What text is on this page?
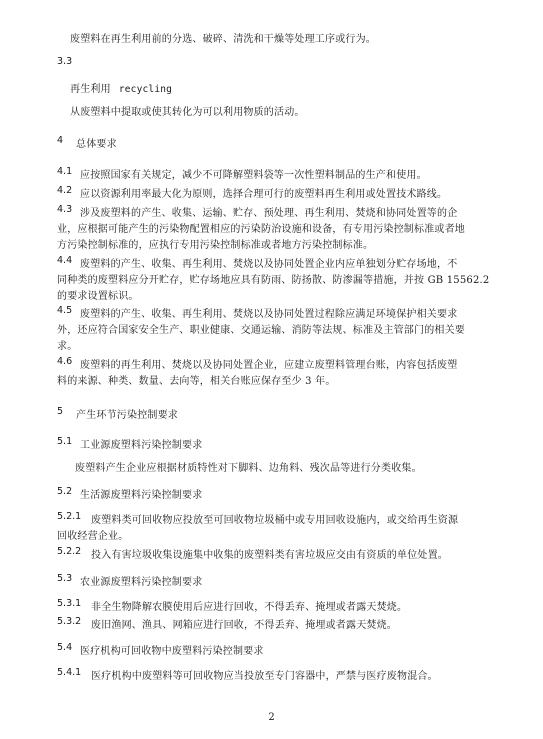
废塑料在再生利用前的分选、破碎、清洗和干燥等处理工序或行为。
3.3
再生利用 recycling
从废塑料中提取或使其转化为可以利用物质的活动。
4 总体要求
4.1 应按照国家有关规定，减少不可降解塑料袋等一次性塑料制品的生产和使用。
4.2 应以资源利用率最大化为原则，选择合理可行的废塑料再生利用或处置技术路线。
4.3 涉及废塑料的产生、收集、运输、贮存、预处理、再生利用、焚烧和协同处置等的企
业，应根据可能产生的污染物配置相应的污染防治设施和设备，有专用污染控制标准或者地
方污染控制标准的，应执行专用污染控制标准或者地方污染控制标准。
4.4 废塑料的产生、收集、再生利用、焚烧以及协同处置企业内应单独划分贮存场地，不
同种类的废塑料应分开贮存，贮存场地应具有防雨、防扬散、防渗漏等措施，并按 GB 15562.2
的要求设置标识。
4.5 废塑料的产生、收集、再生利用、焚烧以及协同处置过程除应满足环境保护相关要求
外，还应符合国家安全生产、职业健康、交通运输、消防等法规、标准及主管部门的相关要
求。
4.6 废塑料的再生利用、焚烧以及协同处置企业，应建立废塑料管理台账，内容包括废塑
料的来源、种类、数量、去向等，相关台账应保存至少 3 年。
5 产生环节污染控制要求
5.1 工业源废塑料污染控制要求
废塑料产生企业应根据材质特性对下脚料、边角料、残次品等进行分类收集。
5.2 生活源废塑料污染控制要求
5.2.1 废塑料类可回收物应投放至可回收物垃圾桶中或专用回收设施内，或交给再生资源
回收经营企业。
5.2.2 投入有害垃圾收集设施集中收集的废塑料类有害垃圾应交由有资质的单位处置。
5.3 农业源废塑料污染控制要求
5.3.1 非全生物降解农膜使用后应进行回收，不得丢弃、掩埋或者露天焚烧。
5.3.2 废旧渔网、渔具、网箱应进行回收，不得丢弃、掩埋或者露天焚烧。
5.4 医疗机构可回收物中废塑料污染控制要求
5.4.1 医疗机构中废塑料等可回收物应当投放至专门容器中，严禁与医疗废物混合。
2
